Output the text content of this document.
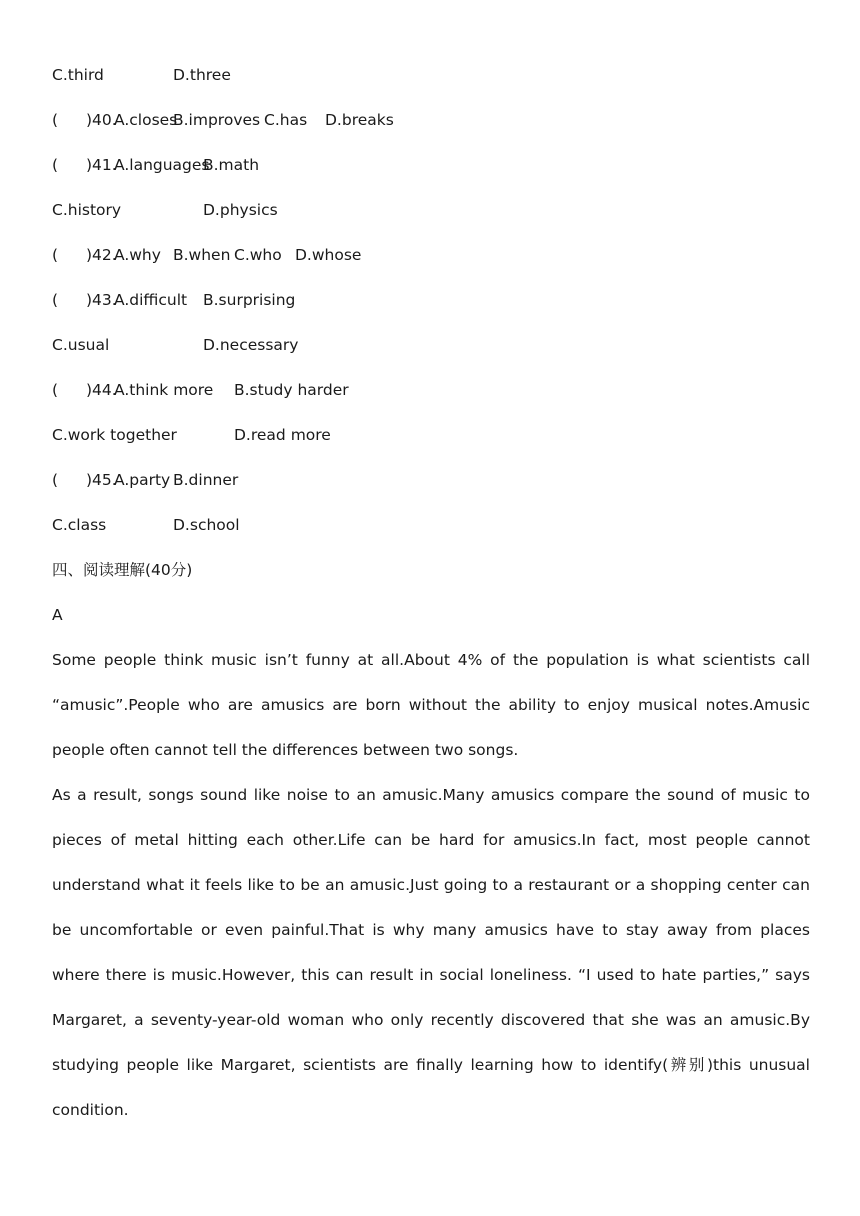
C.third	D.three
( ) 40.
A.closes
B.improves C.has D.breaks
( ) 41.
A.languages
B.math
C.history	D.physics
( ) 42.
A.why B.when C.who D.whose
( ) 43.
A.difficult B.surprising
C.usual	D.necessary
( ) 44.
A.think more B.study harder
C.work together	D.read more
( ) 45.
A.party B.dinner
C.class	D.school
四、阅读理解(40分)
A

Some people think music isn’t funny at all.About 4% of the population is what scientists call “amusic”.People who are amusics are born without the ability to enjoy musical notes.Amusic people often cannot tell the differences between two songs.

As a result, songs sound like noise to an amusic.Many amusics compare the sound of music to pieces of metal hitting each other.Life can be hard for amusics.In fact, most people cannot understand what it feels like to be an amusic.Just going to a restaurant or a shopping center can be uncomfortable or even painful.That is why many amusics have to stay away from places where there is music.However, this can result in social loneliness. “I used to hate parties,” says Margaret, a seventy-year-old woman who only recently discovered that she was an amusic.By studying people like Margaret, scientists are finally learning how to identify(辨别)this unusual condition.
